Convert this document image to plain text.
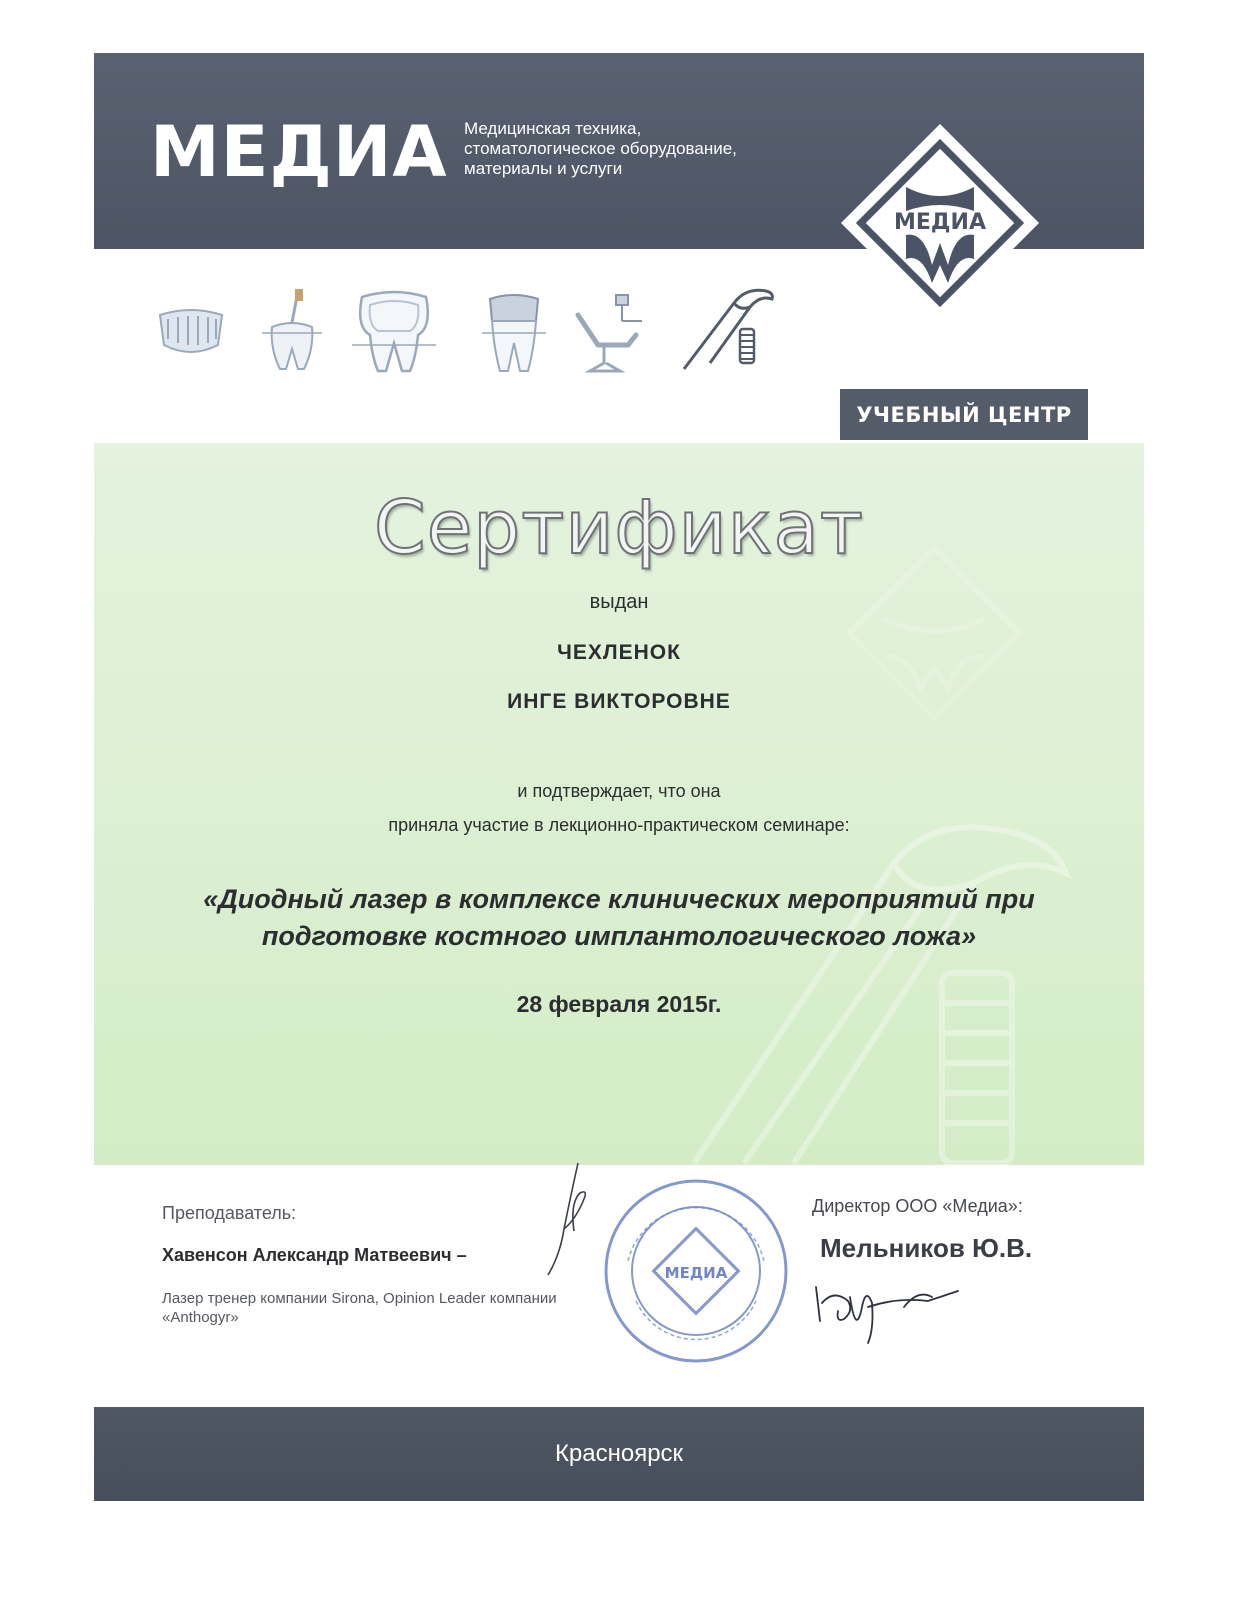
МЕДИА Медицинская техника,
стоматологическое оборудование,
материалы и услуги
МЕДИА
УЧЕБНЫЙ ЦЕНТР
Сертификат
выдан
ЧЕХЛЕНОК
ИНГЕ ВИКТОРОВНЕ
и подтверждает, что она
приняла участие в лекционно-практическом семинаре:
«Диодный лазер в комплексе клинических мероприятий при
подготовке костного имплантологического ложа»
28 февраля 2015г.
Преподаватель:
Хавенсон Александр Матвеевич –
Лазер тренер компании Sirona, Opinion Leader компании «Anthogyr»
МЕДИА
Директор ООО «Медиа»:
Мельников Ю.В.
Красноярск
